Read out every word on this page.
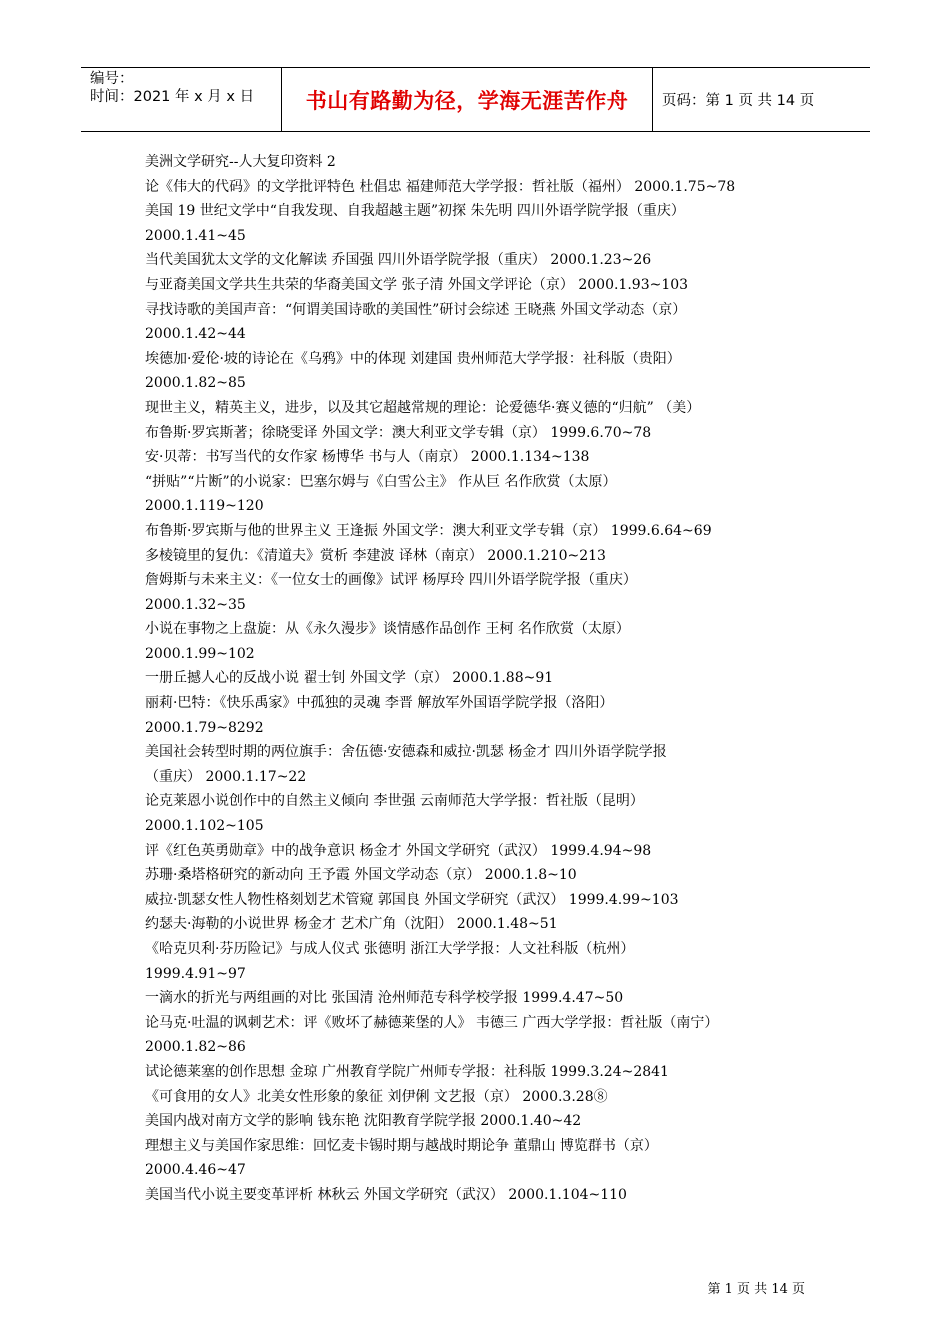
编号：
时间：2021 年 x 月 x 日	书山有路勤为径，学海无涯苦作舟	页码：第 1 页 共 14 页
美洲文学研究--人大复印资料 2
论《伟大的代码》的文学批评特色 杜倡忠 福建师范大学学报：哲社版（福州） 2000.1.75~78
美国 19 世纪文学中“自我发现、自我超越主题”初探 朱先明 四川外语学院学报（重庆）
2000.1.41~45
当代美国犹太文学的文化解读 乔国强 四川外语学院学报（重庆） 2000.1.23~26
与亚裔美国文学共生共荣的华裔美国文学 张子清 外国文学评论（京） 2000.1.93~103
寻找诗歌的美国声音：“何谓美国诗歌的美国性”研讨会综述 王晓燕 外国文学动态（京）
2000.1.42~44
埃德加·爱伦·坡的诗论在《乌鸦》中的体现 刘建国 贵州师范大学学报：社科版（贵阳）
2000.1.82~85
现世主义，精英主义，进步，以及其它超越常规的理论：论爱德华·赛义德的“归航” （美）
布鲁斯·罗宾斯著；徐晓雯译 外国文学：澳大利亚文学专辑（京） 1999.6.70~78
安·贝蒂：书写当代的女作家 杨博华 书与人（南京） 2000.1.134~138
“拼贴”“片断”的小说家：巴塞尔姆与《白雪公主》 作从巨 名作欣赏（太原）
2000.1.119~120
布鲁斯·罗宾斯与他的世界主义 王逢振 外国文学：澳大利亚文学专辑（京） 1999.6.64~69
多棱镜里的复仇：《清道夫》赏析 李建波 译林（南京） 2000.1.210~213
詹姆斯与未来主义：《一位女士的画像》试评 杨厚玲 四川外语学院学报（重庆）
2000.1.32~35
小说在事物之上盘旋：从《永久漫步》谈情感作品创作 王柯 名作欣赏（太原）
2000.1.99~102
一册丘撼人心的反战小说 翟士钊 外国文学（京） 2000.1.88~91
丽莉·巴特：《快乐禹家》中孤独的灵魂 李晋 解放军外国语学院学报（洛阳）
2000.1.79~8292
美国社会转型时期的两位旗手：舍伍德·安德森和威拉·凯瑟 杨金才 四川外语学院学报
（重庆） 2000.1.17~22
论克莱恩小说创作中的自然主义倾向 李世强 云南师范大学学报：哲社版（昆明）
2000.1.102~105
评《红色英勇勋章》中的战争意识 杨金才 外国文学研究（武汉） 1999.4.94~98
苏珊·桑塔格研究的新动向 王予霞 外国文学动态（京） 2000.1.8~10
威拉·凯瑟女性人物性格刻划艺术管窥 郭国良 外国文学研究（武汉） 1999.4.99~103
约瑟夫·海勒的小说世界 杨金才 艺术广角（沈阳） 2000.1.48~51
《哈克贝利·芬历险记》与成人仪式 张德明 浙江大学学报：人文社科版（杭州）
1999.4.91~97
一滴水的折光与两组画的对比 张国清 沧州师范专科学校学报 1999.4.47~50
论马克·吐温的讽刺艺术：评《败坏了赫德莱堡的人》 韦德三 广西大学学报：哲社版（南宁）
2000.1.82~86
试论德莱塞的创作思想 金琼 广州教育学院广州师专学报：社科版 1999.3.24~2841
《可食用的女人》北美女性形象的象征 刘伊俐 文艺报（京） 2000.3.28⑧
美国内战对南方文学的影响 钱东艳 沈阳教育学院学报 2000.1.40~42
理想主义与美国作家思维：回忆麦卡锡时期与越战时期论争 董鼎山 博览群书（京）
2000.4.46~47
美国当代小说主要变革评析 林秋云 外国文学研究（武汉） 2000.1.104~110
第 1 页 共 14 页
